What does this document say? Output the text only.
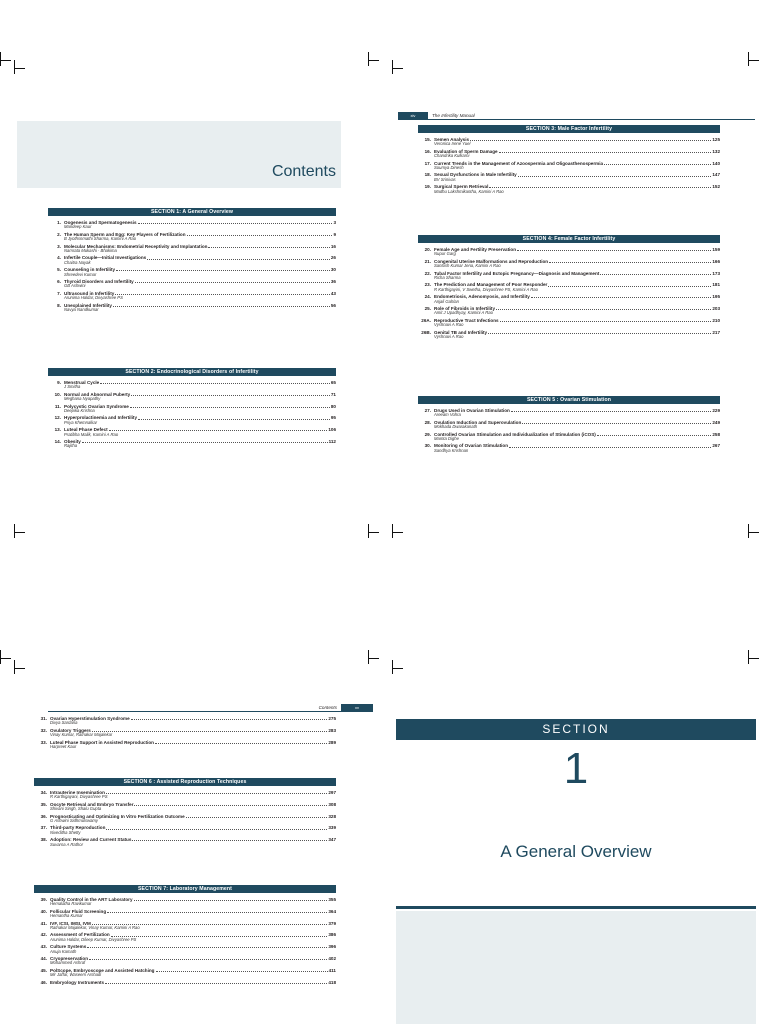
Contents
SECTION 1: A General Overview
1. Oogenesis and Spermatogenesis	3
Mandeep Kaur
2. The Human Sperm and Egg: Key Players of Fertilization	9
B Jyothsnmathi Sharma, Kamini A Rao
3. Molecular Mechanisms: Endometrial Receptivity and Implantation	16
Namrata Mukashi · Bhakima
4. Infertile Couple—Initial Investigations	26
Chaitra Nayak
5. Counseling in Infertility	30
Shreedevi Kumar
6. Thyroid Disorders and Infertility	36
GB Ashwini
7. Ultrasound in Infertility	43
Arunima Haldar, Divyashree PS
8. Unexplained Infertility	56
Navya Nandkumar
SECTION 2: Endocrinological Disorders of Infertility
9. Menstrual Cycle	65
J Smitha
10. Normal and Abnormal Puberty	71
Meghana Nyapathy
11. Polycystic Ovarian Syndrome	80
Deepika Krishna
12. Hyperprolactinemia and Infertility	95
Priya Khemnalkar
13. Luteal Phase Defect	106
Pratibha Malik, Kamini A Rao
14. Obesity	112
Rajitha
xiv	The Infertility Manual
SECTION 3: Male Factor Infertility
15. Semen Analysis	125
Veronica Irene Yuel
16. Evaluation of Sperm Damage	132
Chandrika Kulkarni
17. Current Trends in the Management of Azoospermia and Oligoasthenospermia	140
Soumya Dinesh
18. Sexual Dysfunctions in Male Infertility	147
BV Srinivas
19. Surgical Sperm Retrieval	152
Madhu Lakshmikantha, Kamini A Rao
SECTION 4: Female Factor Infertility
20. Female Age and Fertility Preservation	159
Nupur Garg
21. Congenital Uterine Malformations and Reproduction	166
Santosh Kumar Jena, Kamini A Rao
22. Tubal Factor Infertility and Ectopic Pregnancy—Diagnosis and Management	173
Richa Sharma
23. The Prediction and Management of Poor Responder	181
R Karthigayini, V Swetha, Divyashree PS, Kamini A Rao
24. Endometriosis, Adenomyosis, and Infertility	195
Anjali Gahlan
25. Role of Fibroids in Infertility	203
Amit J Upadhyay, Kamini A Rao
26A. Reproductive Tract Infections	210
Vyshnavi A Rao
26B. Genital TB and Infertility	217
Vyshnavi A Rao
SECTION 5 : Ovarian Stimulation
27. Drugs Used in Ovarian Stimulation	229
Areeam Vohra
28. Ovulation Induction and Superovulation	249
Mokhada Dwarakanath
29. Controlled Ovarian Stimulation and Individualization of Stimulation (iCOS)	258
Mamta Dighe
30. Monitoring of Ovarian Stimulation	267
Sandhya Krishnan
Contents	xv
31. Ovarian Hyperstimulation Syndrome	275
Divya Sardana
32. Ovulatory Triggers	283
Vinay Kumar, Ratnakar Majalekar
33. Luteal Phase Support in Assisted Reproduction	289
Harpreet Kaur
SECTION 6 : Assisted Reproduction Techniques
34. Intrauterine Insemination	297
R Karthigayani, Divyashree PS
35. Oocyte Retrieval and Embryo Transfer	308
Shivani Singh, Shalu Gupta
36. Prognosticating and Optimizing In Vitro Fertilization Outcome	328
G Ashwini Sidhmulswamy
37. Third-party Reproduction	339
Niveditha Shetty
38. Adoption: Review and Current Status	347
Suvarna A Rathor
SECTION 7: Laboratory Management
39. Quality Control in the ART Laboratory	355
Hemalatha Ravikumar
40. Follicular Fluid Screening	364
Hemantha Kumar
41. IVF, ICSI, IMSI, IVM	379
Ratnakar Majalekar, Vinay Kumar, Kamini A Rao
42. Assessment of Fertilization	386
Arunima Haldar, Dileep Kumar, Divyashree PS
43. Culture Systems	396
Anuja Kamath
44. Cryopreservation	402
Mohammed Ashraf
45. PolScope, Embryoscope and Assisted Hatching	411
Mir Jaffar, Waseem Arshadi
46. Embryology Instruments	418
SECTION
1
A General Overview
